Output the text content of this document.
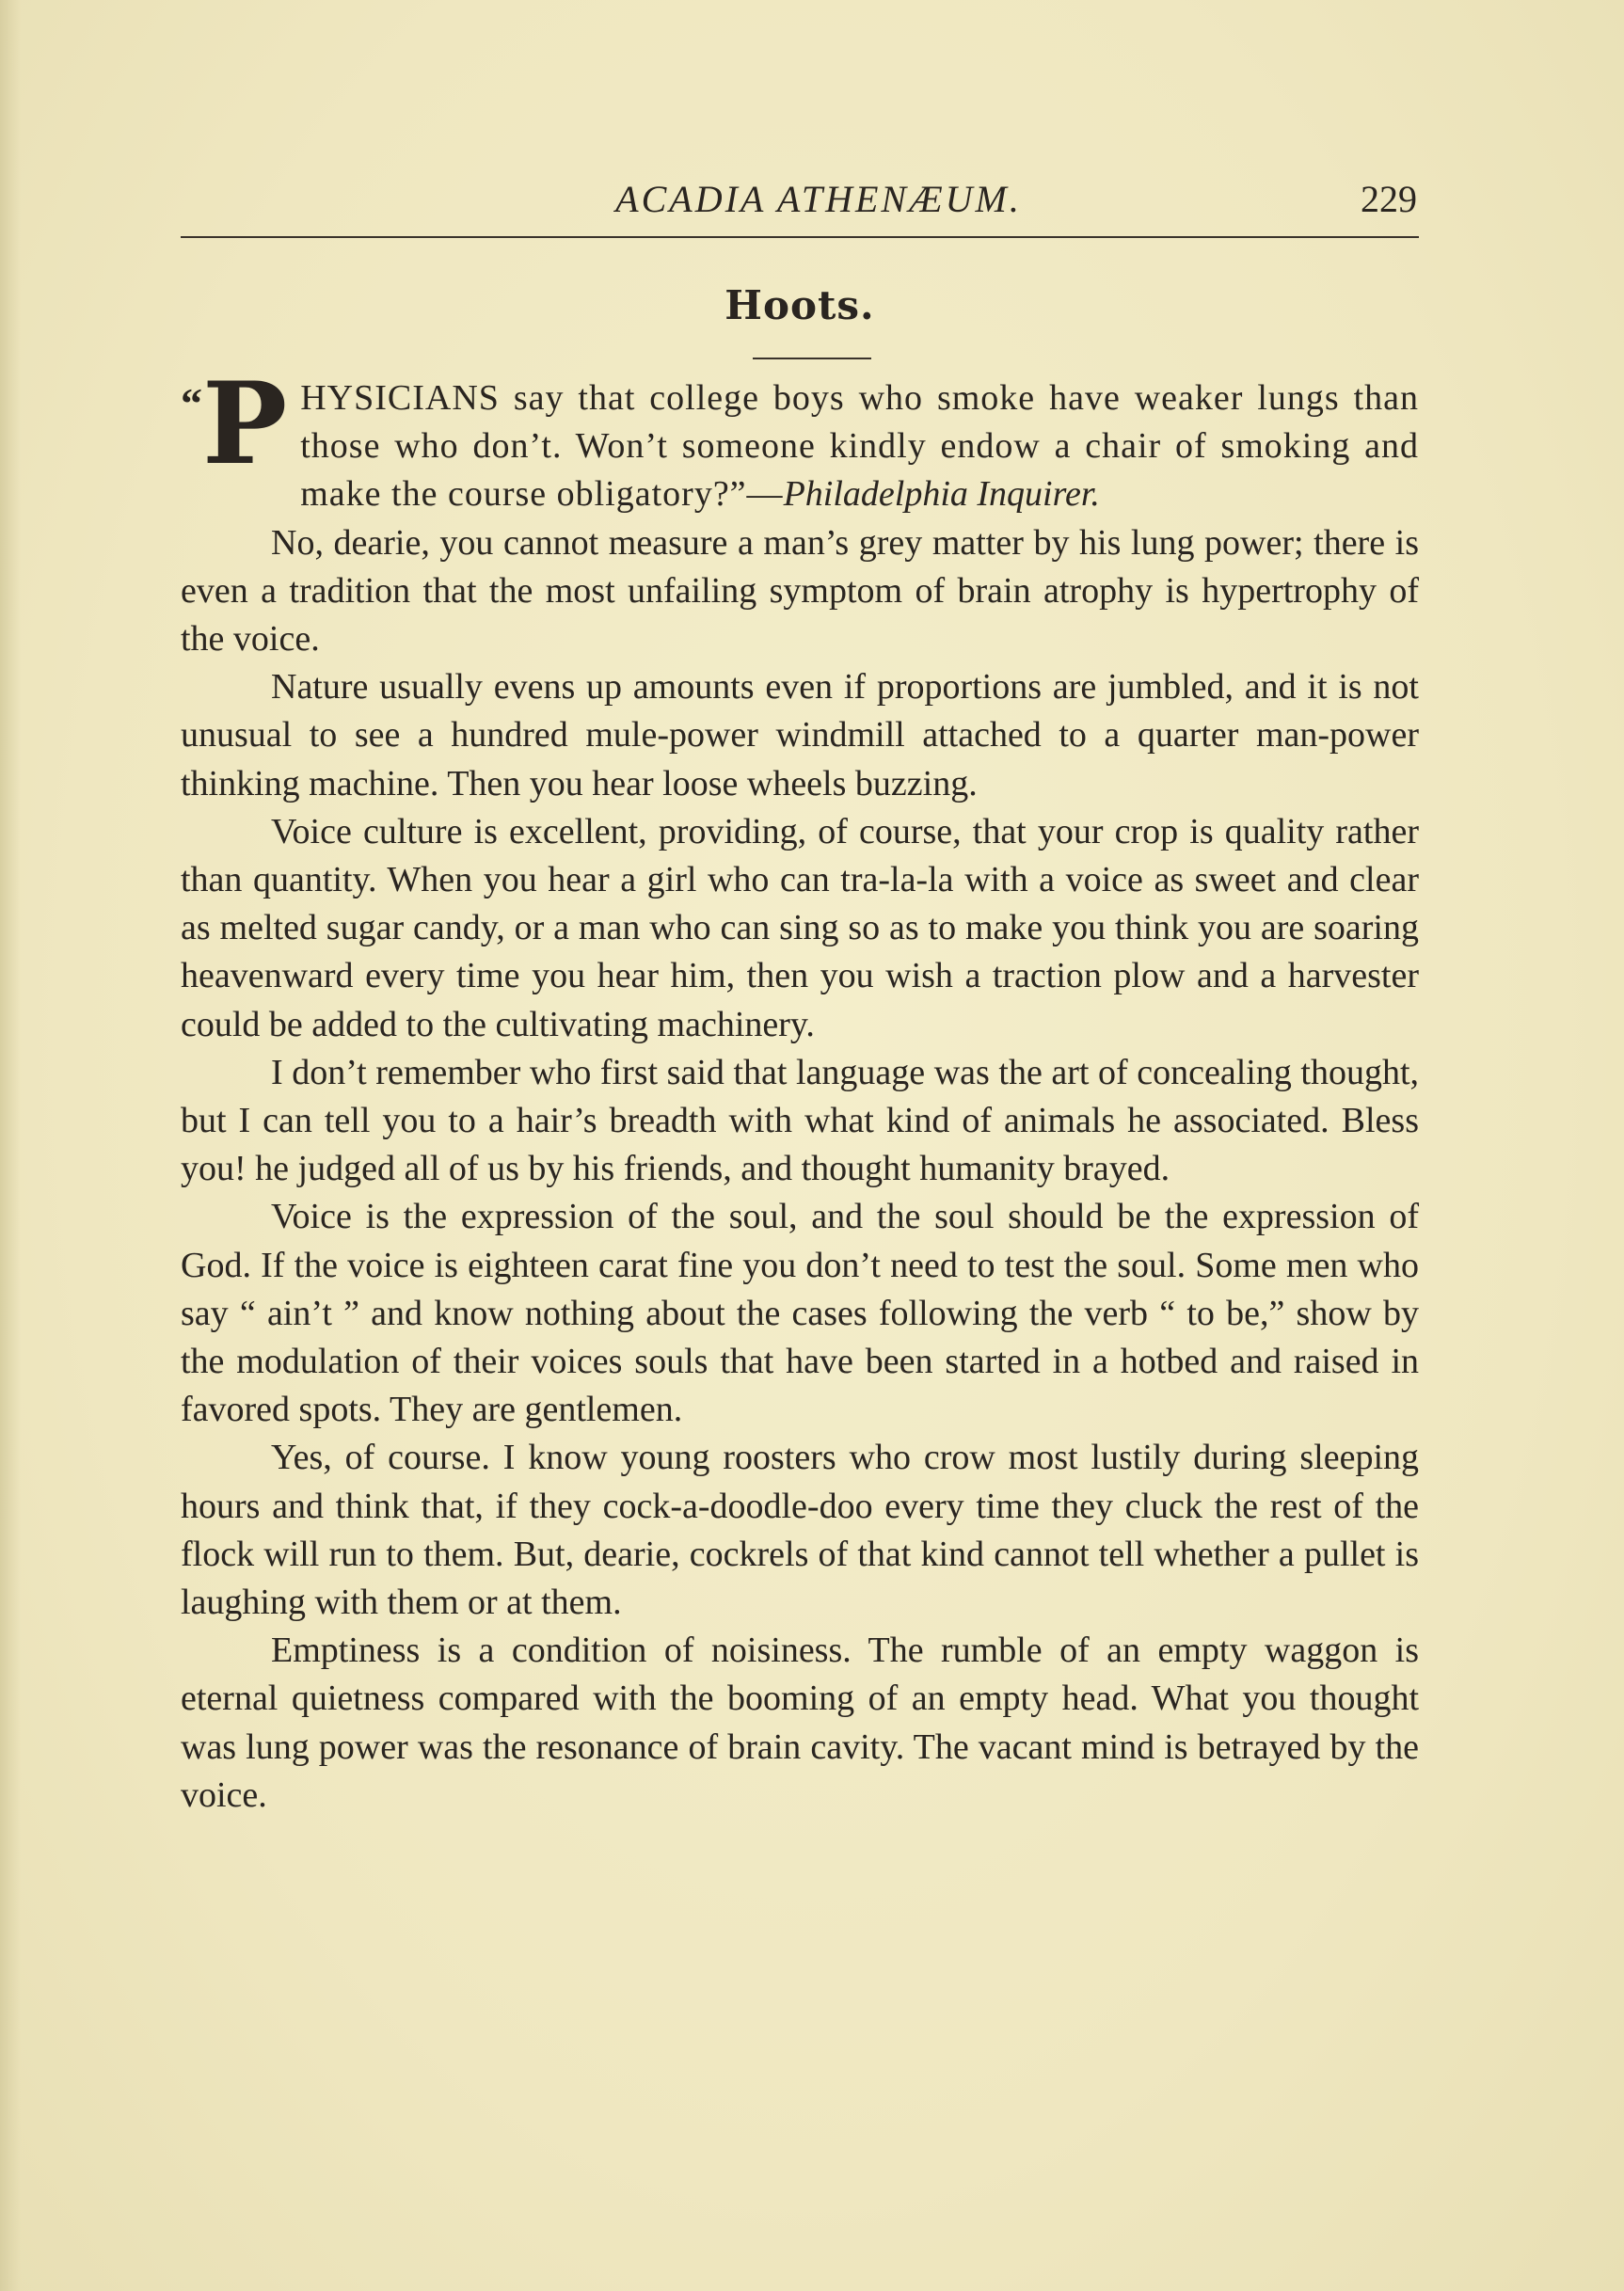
ACADIA ATHENÆUM.	229
Hoots.

“ P HYSICIANS say that college boys who smoke have weaker lungs than those who don’t. Won’t someone kindly endow a chair of smoking and make the course obligatory?”—Philadelphia Inquirer.

No, dearie, you cannot measure a man’s grey matter by his lung power; there is even a tradition that the most unfailing symptom of brain atrophy is hypertrophy of the voice.

Nature usually evens up amounts even if proportions are jumbled, and it is not unusual to see a hundred mule-power windmill attached to a quarter man-power thinking machine. Then you hear loose wheels buzzing.

Voice culture is excellent, providing, of course, that your crop is quality rather than quantity. When you hear a girl who can tra-la-la with a voice as sweet and clear as melted sugar candy, or a man who can sing so as to make you think you are soaring heavenward every time you hear him, then you wish a traction plow and a harvester could be added to the cultivating machinery.

I don’t remember who first said that language was the art of concealing thought, but I can tell you to a hair’s breadth with what kind of animals he associated. Bless you! he judged all of us by his friends, and thought humanity brayed.

Voice is the expression of the soul, and the soul should be the expression of God. If the voice is eighteen carat fine you don’t need to test the soul. Some men who say “ ain’t ” and know nothing about the cases following the verb “ to be,” show by the modulation of their voices souls that have been started in a hotbed and raised in favored spots. They are gentlemen.

Yes, of course. I know young roosters who crow most lustily during sleeping hours and think that, if they cock-a-doodle-doo every time they cluck the rest of the flock will run to them. But, dearie, cockrels of that kind cannot tell whether a pullet is laughing with them or at them.

Emptiness is a condition of noisiness. The rumble of an empty waggon is eternal quietness compared with the booming of an empty head. What you thought was lung power was the resonance of brain cavity. The vacant mind is betrayed by the voice.
